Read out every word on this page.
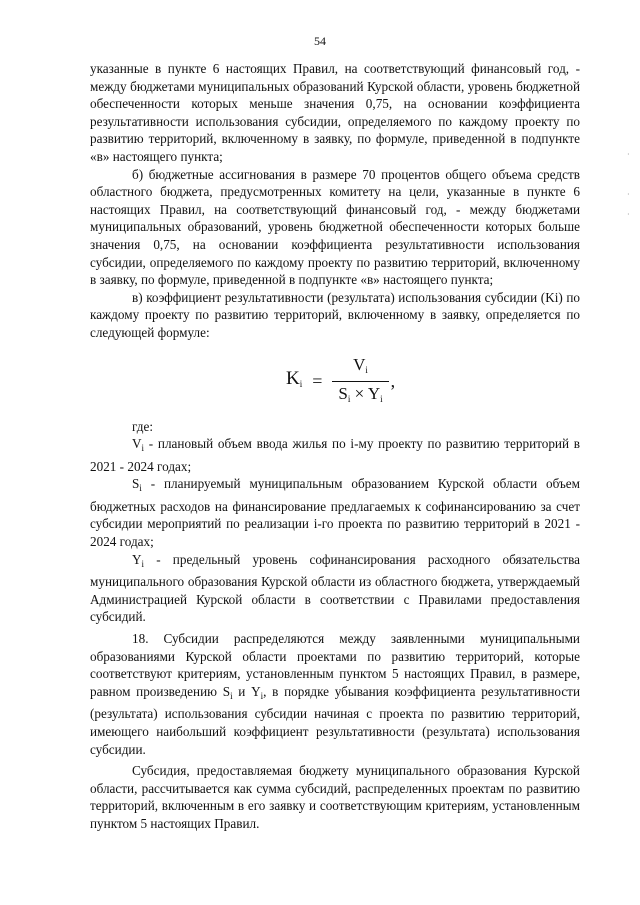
54
·
·
·

указанные в пункте 6 настоящих Правил, на соответствующий финансовый год, - между бюджетами муниципальных образований Курской области, уровень бюджетной обеспеченности которых меньше значения 0,75, на основании коэффициента результативности использования субсидии, определяемого по каждому проекту по развитию территорий, включенному в заявку, по формуле, приведенной в подпункте «в» настоящего пункта;

б) бюджетные ассигнования в размере 70 процентов общего объема средств областного бюджета, предусмотренных комитету на цели, указанные в пункте 6 настоящих Правил, на соответствующий финансовый год, - между бюджетами муниципальных образований, уровень бюджетной обеспеченности которых больше значения 0,75, на основании коэффициента результативности использования субсидии, определяемого по каждому проекту по развитию территорий, включенному в заявку, по формуле, приведенной в подпункте «в» настоящего пункта;

в) коэффициент результативности (результата) использования субсидии (Ki) по каждому проекту по развитию территорий, включенному в заявку, определяется по следующей формуле:

$K_i = \frac{V_i}{S_i \times Y_i}$ ,

где:

$V_i$ - плановый объем ввода жилья по i-му проекту по развитию территорий в 2021 - 2024 годах;

$S_i$ - планируемый муниципальным образованием Курской области объем бюджетных расходов на финансирование предлагаемых к софинансированию за счет субсидии мероприятий по реализации i-го проекта по развитию территорий в 2021 - 2024 годах;

$Y_i$ - предельный уровень софинансирования расходного обязательства муниципального образования Курской области из областного бюджета, утверждаемый Администрацией Курской области в соответствии с Правилами предоставления субсидий.

18. Субсидии распределяются между заявленными муниципальными образованиями Курской области проектами по развитию территорий, которые соответствуют критериям, установленным пунктом 5 настоящих Правил, в размере, равном произведению $S_i$ и $Y_i$, в порядке убывания коэффициента результативности (результата) использования субсидии начиная с проекта по развитию территорий, имеющего наибольший коэффициент результативности (результата) использования субсидии.

Субсидия, предоставляемая бюджету муниципального образования Курской области, рассчитывается как сумма субсидий, распределенных проектам по развитию территорий, включенным в его заявку и соответствующим критериям, установленным пунктом 5 настоящих Правил.
